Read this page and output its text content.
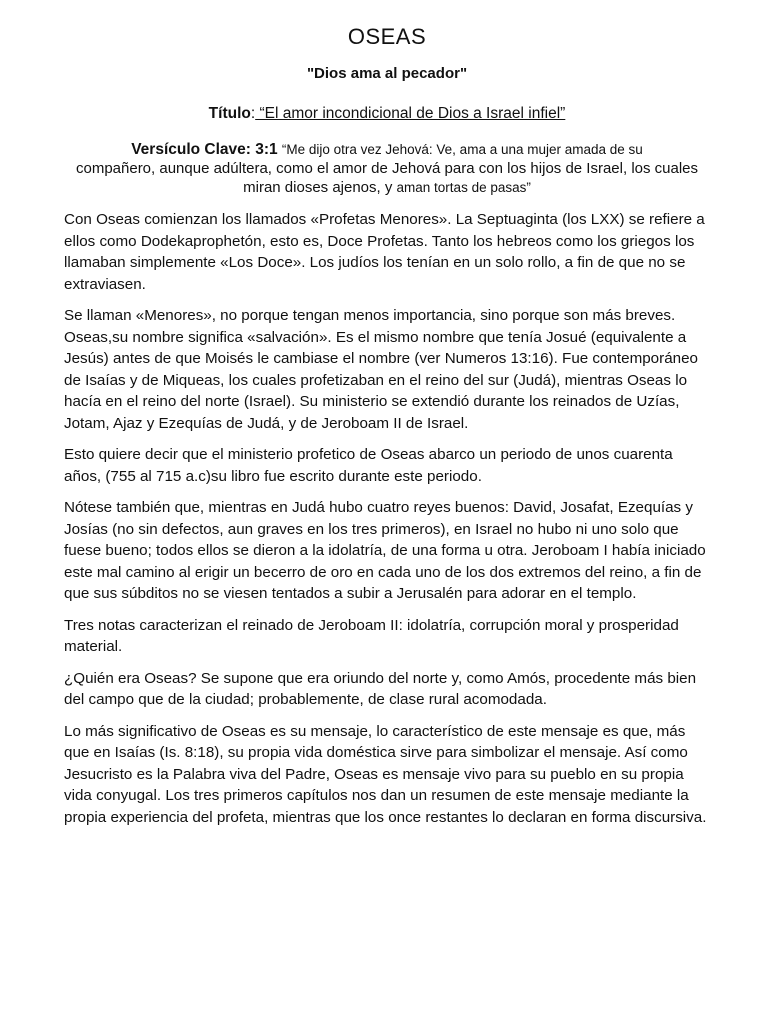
OSEAS

"Dios ama al pecador"

Título: “El amor incondicional de Dios a Israel infiel”

Versículo Clave: 3:1 “Me dijo otra vez Jehová: Ve, ama a una mujer amada de su
compañero, aunque adúltera, como el amor de Jehová para con los hijos de Israel, los cuales miran dioses ajenos, y aman tortas de pasas”

Con Oseas comienzan los llamados «Profetas Menores». La Septuaginta (los LXX) se refiere a ellos como Dodekaprophetón, esto es, Doce Profetas. Tanto los hebreos como los griegos los llamaban simplemente «Los Doce». Los judíos los tenían en un solo rollo, a fin de que no se extraviasen.

Se llaman «Menores», no porque tengan menos importancia, sino porque son más breves. Oseas,su nombre significa «salvación». Es el mismo nombre que tenía Josué (equivalente a Jesús) antes de que Moisés le cambiase el nombre (ver Numeros 13:16). Fue contemporáneo de Isaías y de Miqueas, los cuales profetizaban en el reino del sur (Judá), mientras Oseas lo hacía en el reino del norte (Israel). Su ministerio se extendió durante los reinados de Uzías, Jotam, Ajaz y Ezequías de Judá, y de Jeroboam II de Israel.

Esto quiere decir que el ministerio profetico de Oseas abarco un periodo de unos cuarenta años, (755 al 715 a.c)su libro fue escrito durante este periodo.

Nótese también que, mientras en Judá hubo cuatro reyes buenos: David, Josafat, Ezequías y Josías (no sin defectos, aun graves en los tres primeros), en Israel no hubo ni uno solo que fuese bueno; todos ellos se dieron a la idolatría, de una forma u otra. Jeroboam I había iniciado este mal camino al erigir un becerro de oro en cada uno de los dos extremos del reino, a fin de que sus súbditos no se viesen tentados a subir a Jerusalén para adorar en el templo.

Tres notas caracterizan el reinado de Jeroboam II: idolatría, corrupción moral y prosperidad material.

¿Quién era Oseas? Se supone que era oriundo del norte y, como Amós, procedente más bien del campo que de la ciudad; probablemente, de clase rural acomodada.

Lo más significativo de Oseas es su mensaje, lo característico de este mensaje es que, más que en Isaías (Is. 8:18), su propia vida doméstica sirve para simbolizar el mensaje. Así como Jesucristo es la Palabra viva del Padre, Oseas es mensaje vivo para su pueblo en su propia vida conyugal. Los tres primeros capítulos nos dan un resumen de este mensaje mediante la propia experiencia del profeta, mientras que los once restantes lo declaran en forma discursiva.
